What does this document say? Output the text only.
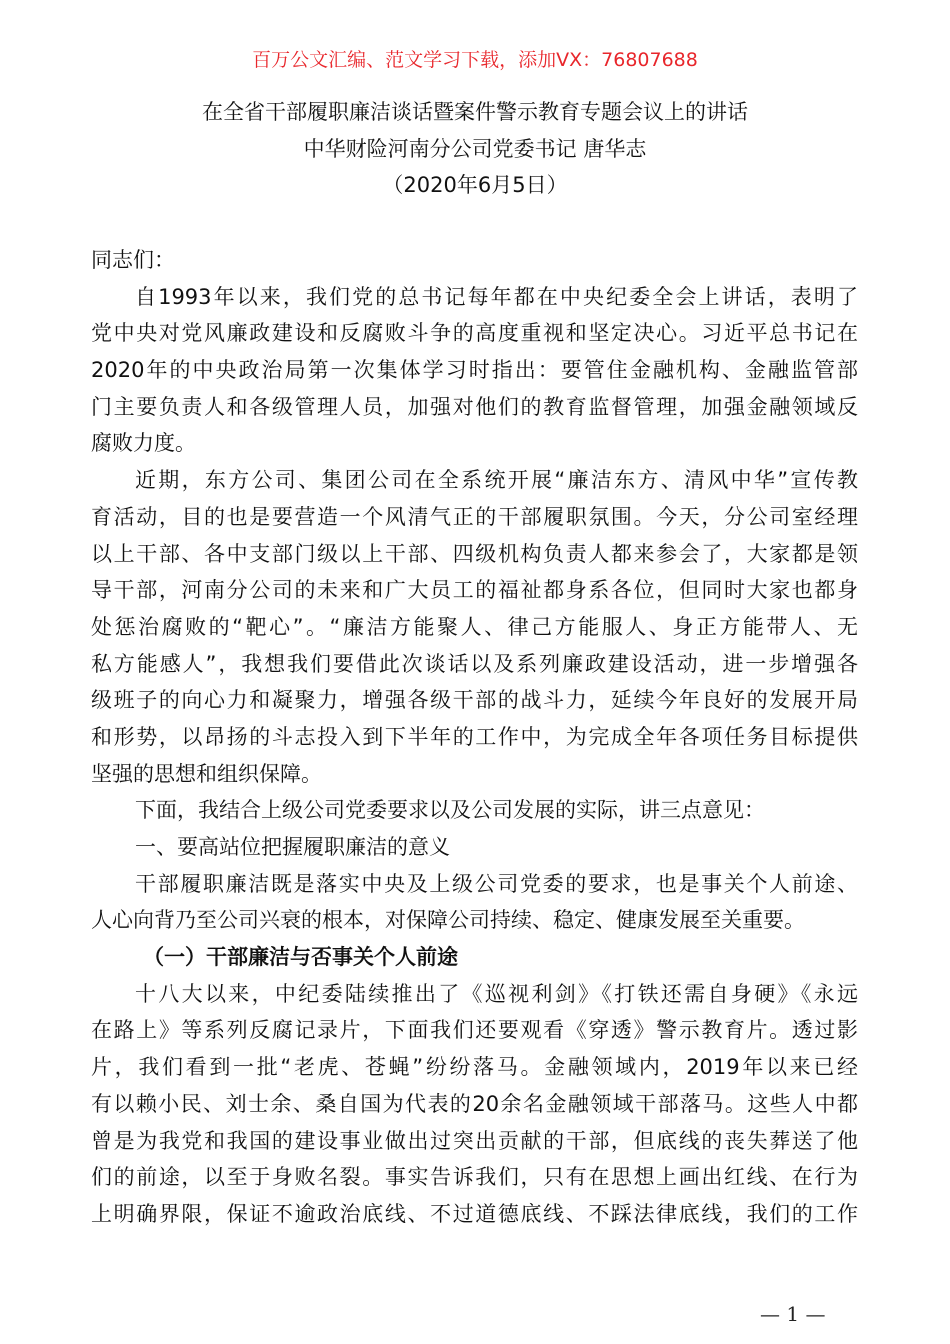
百万公文汇编、范文学习下载，添加VX：76807688
在全省干部履职廉洁谈话暨案件警示教育专题会议上的讲话
中华财险河南分公司党委书记 唐华志
（2020年6月5日）
同志们：
自1993年以来，我们党的总书记每年都在中央纪委全会上讲话，表明了
党中央对党风廉政建设和反腐败斗争的高度重视和坚定决心。习近平总书记在
2020年的中央政治局第一次集体学习时指出：要管住金融机构、金融监管部
门主要负责人和各级管理人员，加强对他们的教育监督管理，加强金融领域反
腐败力度。
近期，东方公司、集团公司在全系统开展“廉洁东方、清风中华”宣传教
育活动，目的也是要营造一个风清气正的干部履职氛围。今天，分公司室经理
以上干部、各中支部门级以上干部、四级机构负责人都来参会了，大家都是领
导干部，河南分公司的未来和广大员工的福祉都身系各位，但同时大家也都身
处惩治腐败的“靶心”。“廉洁方能聚人、律己方能服人、身正方能带人、无
私方能感人”，我想我们要借此次谈话以及系列廉政建设活动，进一步增强各
级班子的向心力和凝聚力，增强各级干部的战斗力，延续今年良好的发展开局
和形势，以昂扬的斗志投入到下半年的工作中，为完成全年各项任务目标提供
坚强的思想和组织保障。
下面，我结合上级公司党委要求以及公司发展的实际，讲三点意见：
一、要高站位把握履职廉洁的意义
干部履职廉洁既是落实中央及上级公司党委的要求，也是事关个人前途、
人心向背乃至公司兴衰的根本，对保障公司持续、稳定、健康发展至关重要。
（一）干部廉洁与否事关个人前途
十八大以来，中纪委陆续推出了《巡视利剑》《打铁还需自身硬》《永远
在路上》等系列反腐记录片，下面我们还要观看《穿透》警示教育片。透过影
片，我们看到一批“老虎、苍蝇”纷纷落马。金融领域内，2019年以来已经
有以赖小民、刘士余、桑自国为代表的20余名金融领域干部落马。这些人中都
曾是为我党和我国的建设事业做出过突出贡献的干部，但底线的丧失葬送了他
们的前途，以至于身败名裂。事实告诉我们，只有在思想上画出红线、在行为
上明确界限，保证不逾政治底线、不过道德底线、不踩法律底线，我们的工作
— 1 —
